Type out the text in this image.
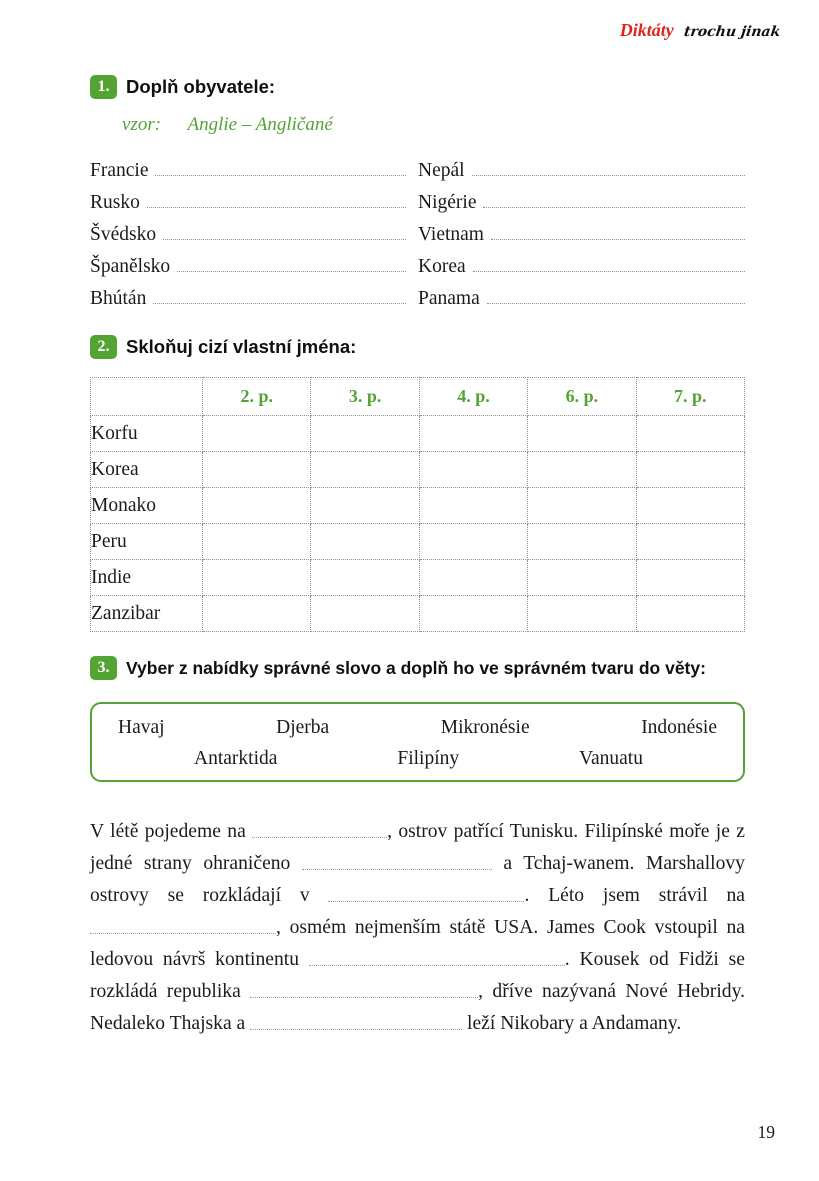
Diktáty trochu jinak
1. Doplň obyvatele:
vzor: Anglie – Angličané
Francie
Rusko
Švédsko
Španělsko
Bhútán
Nepál
Nigérie
Vietnam
Korea
Panama
2. Skloňuj cizí vlastní jména:
	2. p.	3. p.	4. p.	6. p.	7. p.
Korfu					
Korea					
Monako					
Peru					
Indie					
Zanzibar					
3. Vyber z nabídky správné slovo a doplň ho ve správném tvaru do věty:
Havaj	Djerba	Mikronésie	Indonésie
Antarktida	Filipíny	Vanuatu
V létě pojedeme na	, ostrov patřící Tunisku. Filipínské moře je z jedné strany ohraničeno	a Tchaj-wanem. Marshallovy ostrovy se rozkládají v	. Léto jsem strávil na , osmém nejmenším státě USA. James Cook vstoupil na ledovou návrš kontinentu	. Kousek od Fidži se rozkládá republika	, dříve nazývaná Nové Hebridy. Nedaleko Thajska a	leží Nikobary a Andamany.
19
